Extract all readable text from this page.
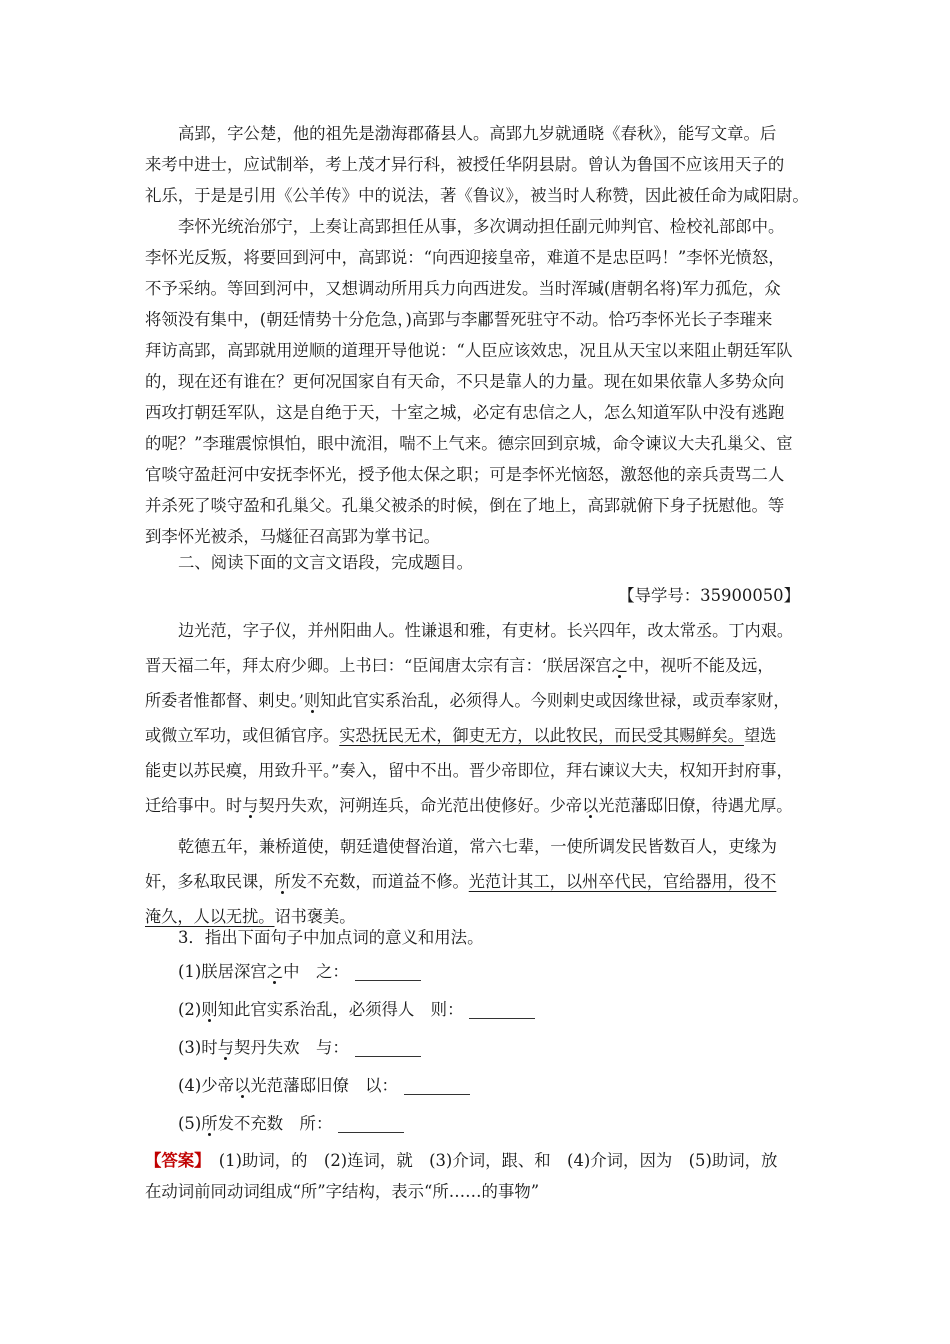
高郢，字公楚，他的祖先是渤海郡蓨县人。高郢九岁就通晓《春秋》，能写文章。后
来考中进士，应试制举，考上茂才异行科，被授任华阴县尉。曾认为鲁国不应该用天子的
礼乐，于是是引用《公羊传》中的说法，著《鲁议》，被当时人称赞，因此被任命为咸阳尉。
李怀光统治邠宁，上奏让高郢担任从事，多次调动担任副元帅判官、检校礼部郎中。
李怀光反叛，将要回到河中，高郢说：“向西迎接皇帝，难道不是忠臣吗！”李怀光愤怒，
不予采纳。等回到河中，又想调动所用兵力向西进发。当时浑瑊(唐朝名将)军力孤危，众
将领没有集中，(朝廷情势十分危急，)高郢与李鄘誓死驻守不动。恰巧李怀光长子李璀来
拜访高郢，高郢就用逆顺的道理开导他说：“人臣应该效忠，况且从天宝以来阻止朝廷军队
的，现在还有谁在？更何况国家自有天命，不只是靠人的力量。现在如果依靠人多势众向
西攻打朝廷军队，这是自绝于天，十室之城，必定有忠信之人，怎么知道军队中没有逃跑
的呢？”李璀震惊惧怕，眼中流泪，喘不上气来。德宗回到京城，命令谏议大夫孔巢父、宦
官啖守盈赶河中安抚李怀光，授予他太保之职；可是李怀光恼怒，激怒他的亲兵责骂二人
并杀死了啖守盈和孔巢父。孔巢父被杀的时候，倒在了地上，高郢就俯下身子抚慰他。等
到李怀光被杀，马燧征召高郢为掌书记。
二、阅读下面的文言文语段，完成题目。
【导学号：35900050】
边光范，字子仪，并州阳曲人。性谦退和雅，有吏材。长兴四年，改太常丞。丁内艰。
晋天福二年，拜太府少卿。上书曰：“臣闻唐太宗有言：‘朕居深宫之中，视听不能及远，
所委者惟都督、刺史。’则知此官实系治乱，必须得人。今则刺史或因缘世禄，或贡奉家财，
或微立军功，或但循官序。实恐抚民无术，御吏无方，以此牧民，而民受其赐鲜矣。望选
能吏以苏民瘼，用致升平。”奏入，留中不出。晋少帝即位，拜右谏议大夫，权知开封府事，
迁给事中。时与契丹失欢，河朔连兵，命光范出使修好。少帝以光范藩邸旧僚，待遇尤厚。
乾德五年，兼桥道使，朝廷遣使督治道，常六七辈，一使所调发民皆数百人，吏缘为
奸，多私取民课，所发不充数，而道益不修。光范计其工，以州卒代民，官给器用，役不
淹久，人以无扰。诏书褒美。
3．指出下面句子中加点词的意义和用法。
(1)朕居深宫之中　之：
(2)则知此官实系治乱，必须得人　则：
(3)时与契丹失欢　与：
(4)少帝以光范藩邸旧僚　以：
(5)所发不充数　所：
【答案】　(1)助词，的　(2)连词，就　(3)介词，跟、和　(4)介词，因为　(5)助词，放
在动词前同动词组成“所”字结构，表示“所……的事物”
